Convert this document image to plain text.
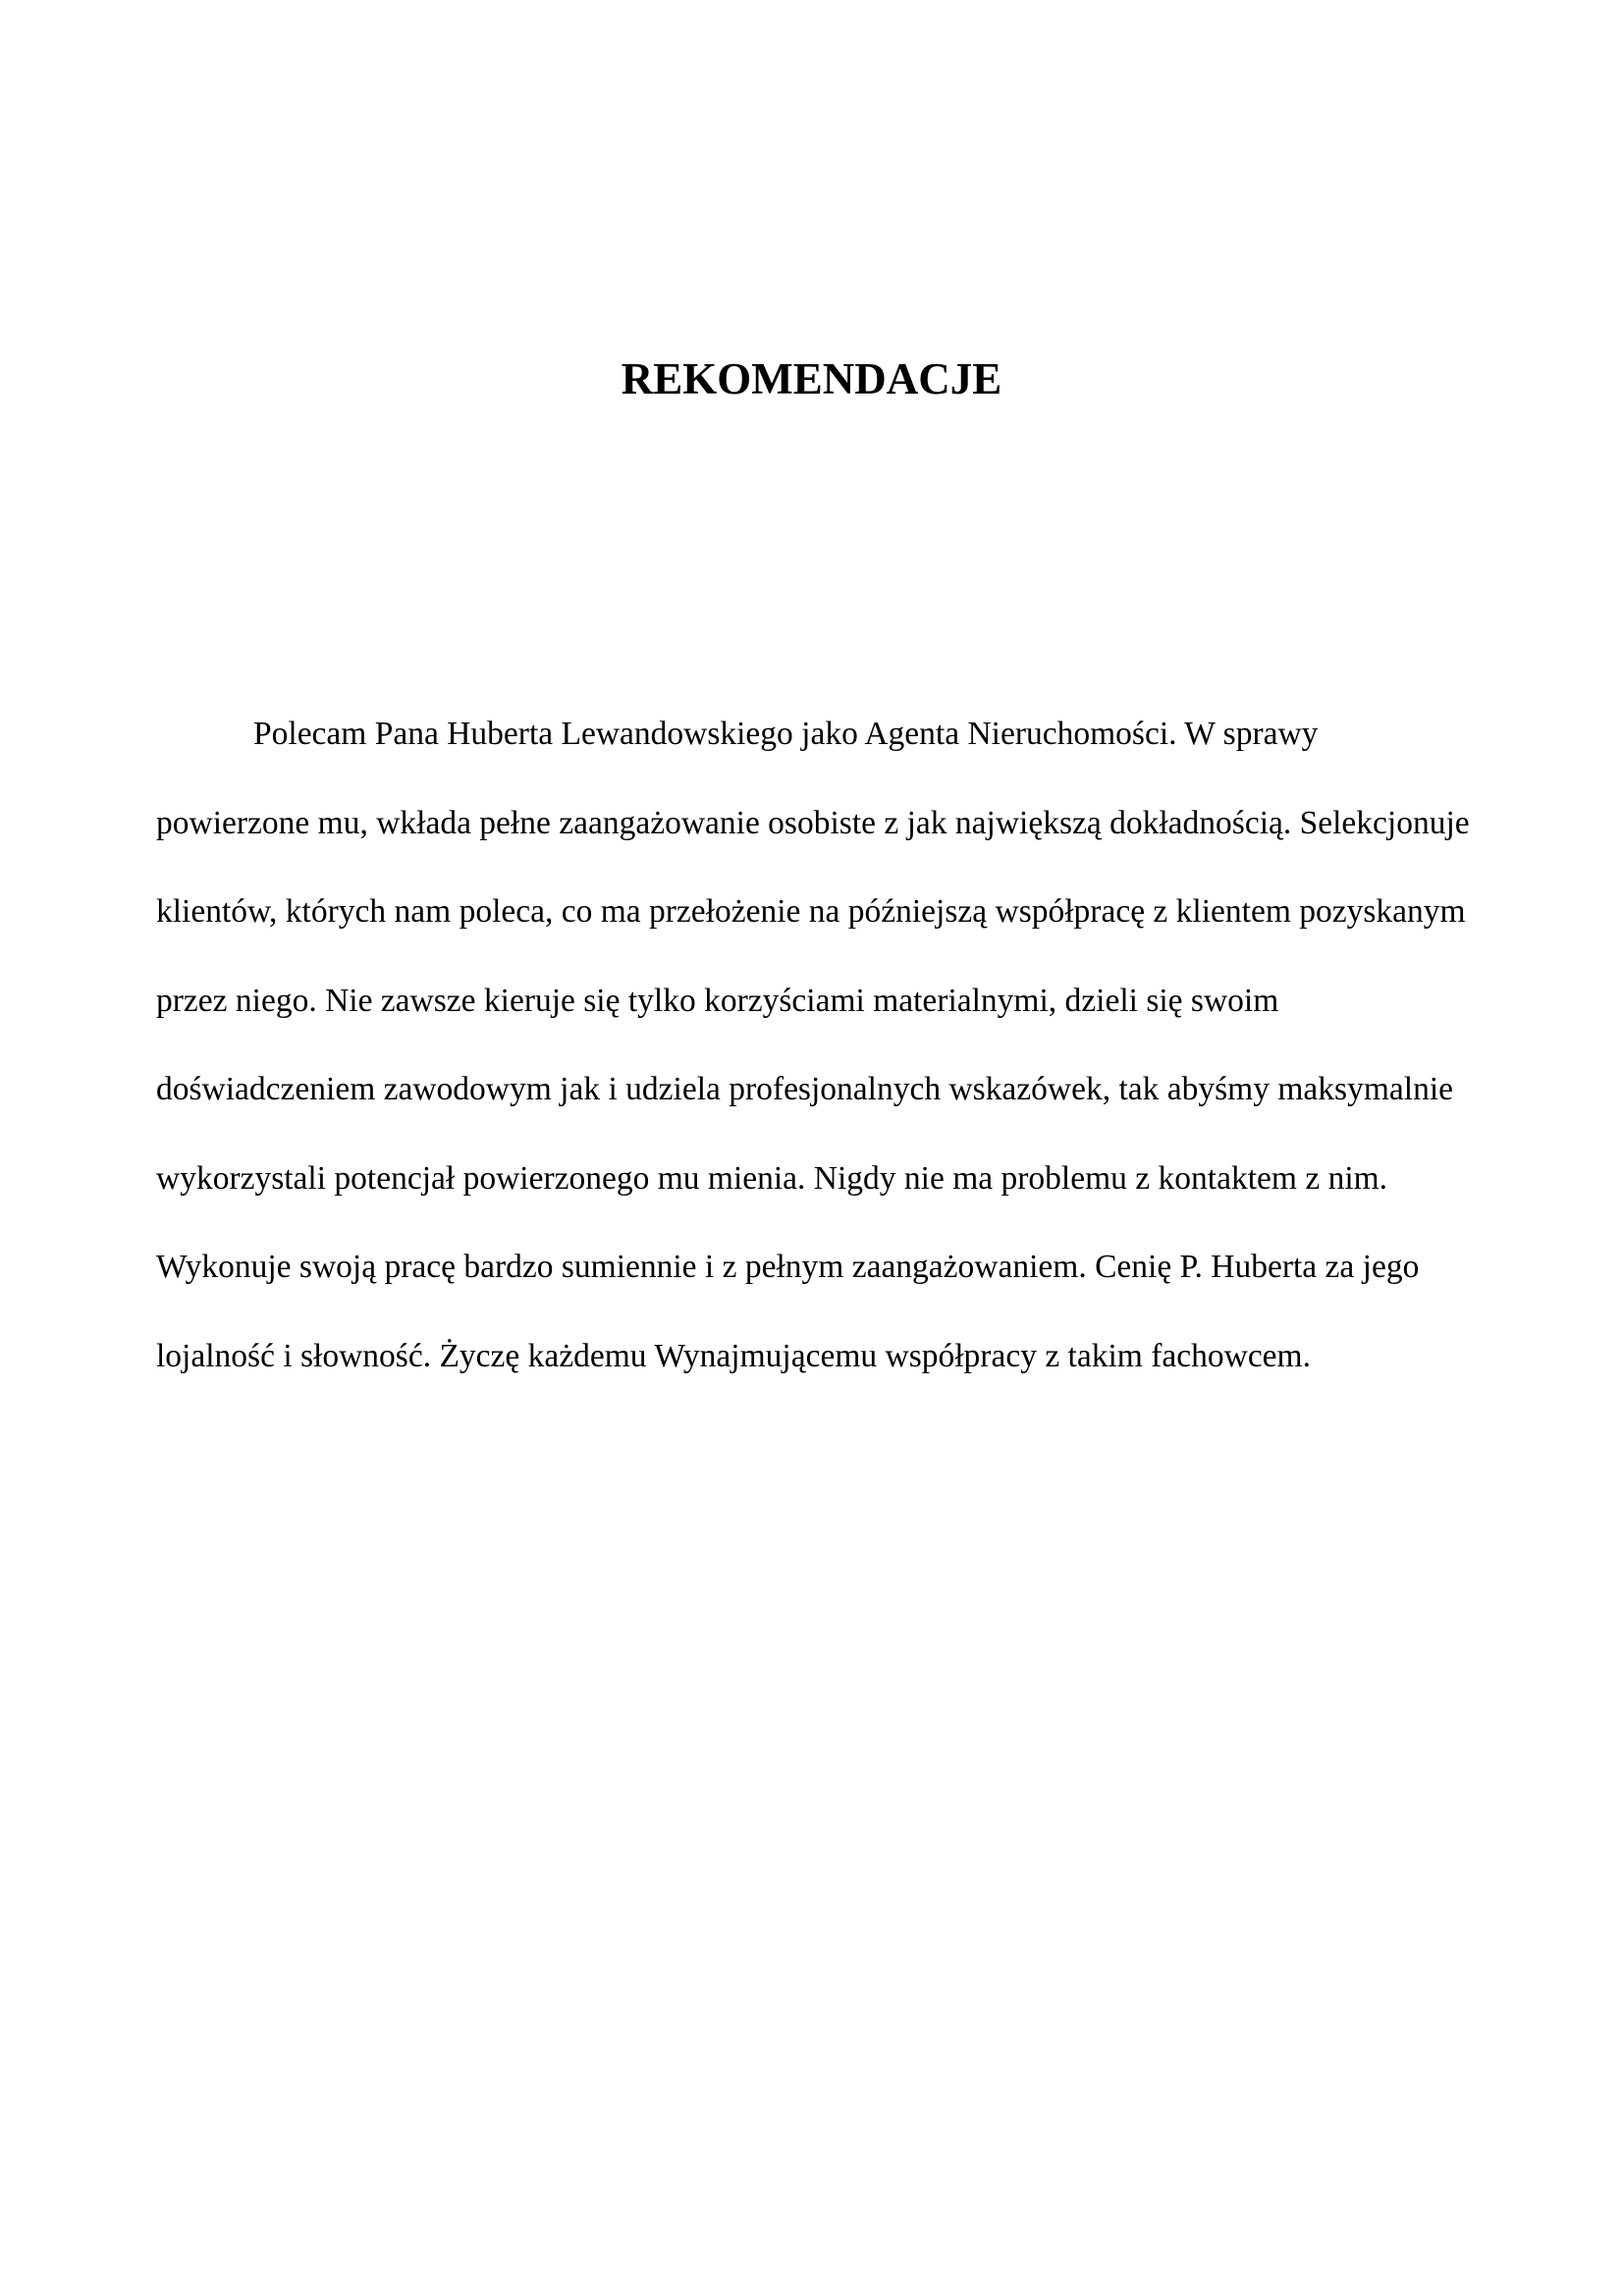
REKOMENDACJE
Polecam Pana Huberta Lewandowskiego jako Agenta Nieruchomości. W sprawy
powierzone mu, wkłada pełne zaangażowanie osobiste z jak największą dokładnością. Selekcjonuje
klientów, których nam poleca, co ma przełożenie na późniejszą współpracę z klientem pozyskanym
przez niego. Nie zawsze kieruje się tylko korzyściami materialnymi, dzieli się swoim
doświadczeniem zawodowym jak i udziela profesjonalnych wskazówek, tak abyśmy maksymalnie
wykorzystali potencjał powierzonego mu mienia. Nigdy nie ma problemu z kontaktem z nim.
Wykonuje swoją pracę bardzo sumiennie i z pełnym zaangażowaniem. Cenię P. Huberta za jego
lojalność i słowność. Życzę każdemu Wynajmującemu współpracy z takim fachowcem.
